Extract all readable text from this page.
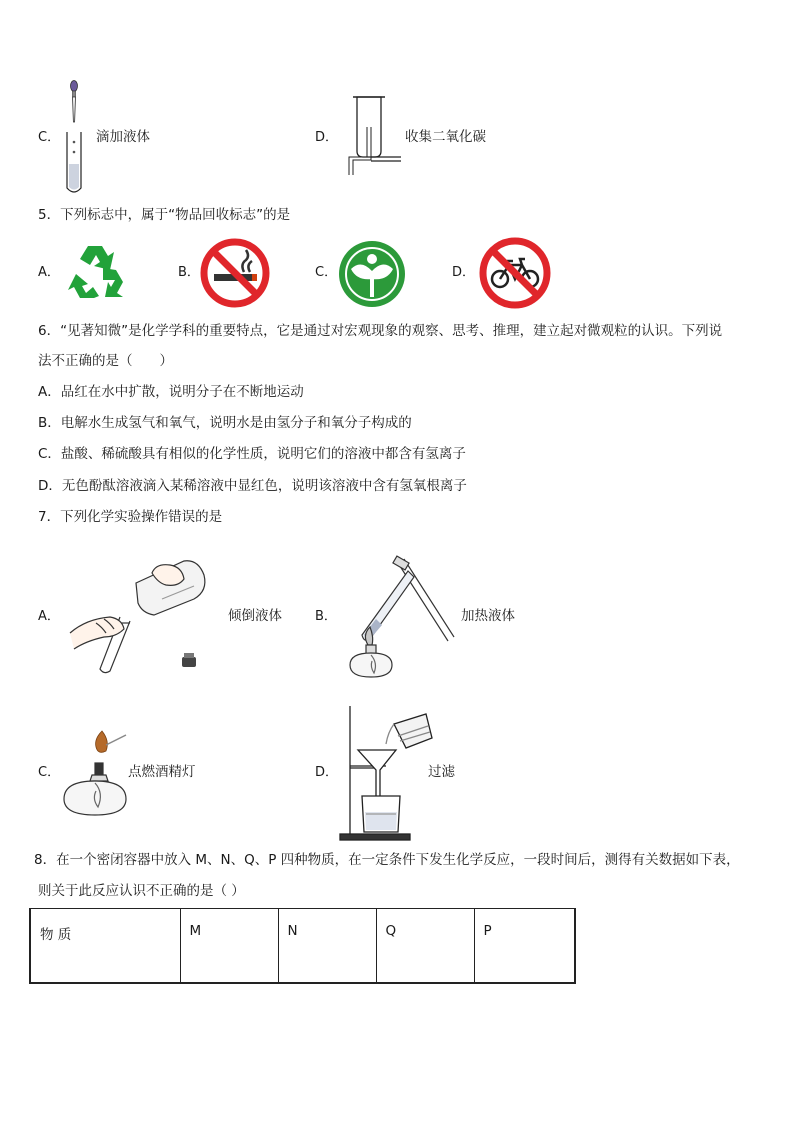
C．	滴加液体	D．	收集二氧化碳
5．下列标志中，属于“物品回收标志”的是
A．	B．	C．	D．
6．“见著知微”是化学学科的重要特点，它是通过对宏观现象的观察、思考、推理，建立起对微观粒的认识。下列说
法不正确的是（　　）
A．品红在水中扩散，说明分子在不断地运动
B．电解水生成氢气和氧气，说明水是由氢分子和氧分子构成的
C．盐酸、稀硫酸具有相似的化学性质，说明它们的溶液中都含有氢离子
D．无色酚酞溶液滴入某稀溶液中显红色，说明该溶液中含有氢氧根离子
7．下列化学实验操作错误的是
A．	倾倒液体	B．	加热液体
C．	点燃酒精灯	D．	过滤
8．在一个密闭容器中放入 M、N、Q、P 四种物质，在一定条件下发生化学反应，一段时间后，测得有关数据如下表，
则关于此反应认识不正确的是（ ）
物 质	M	N	Q	P
